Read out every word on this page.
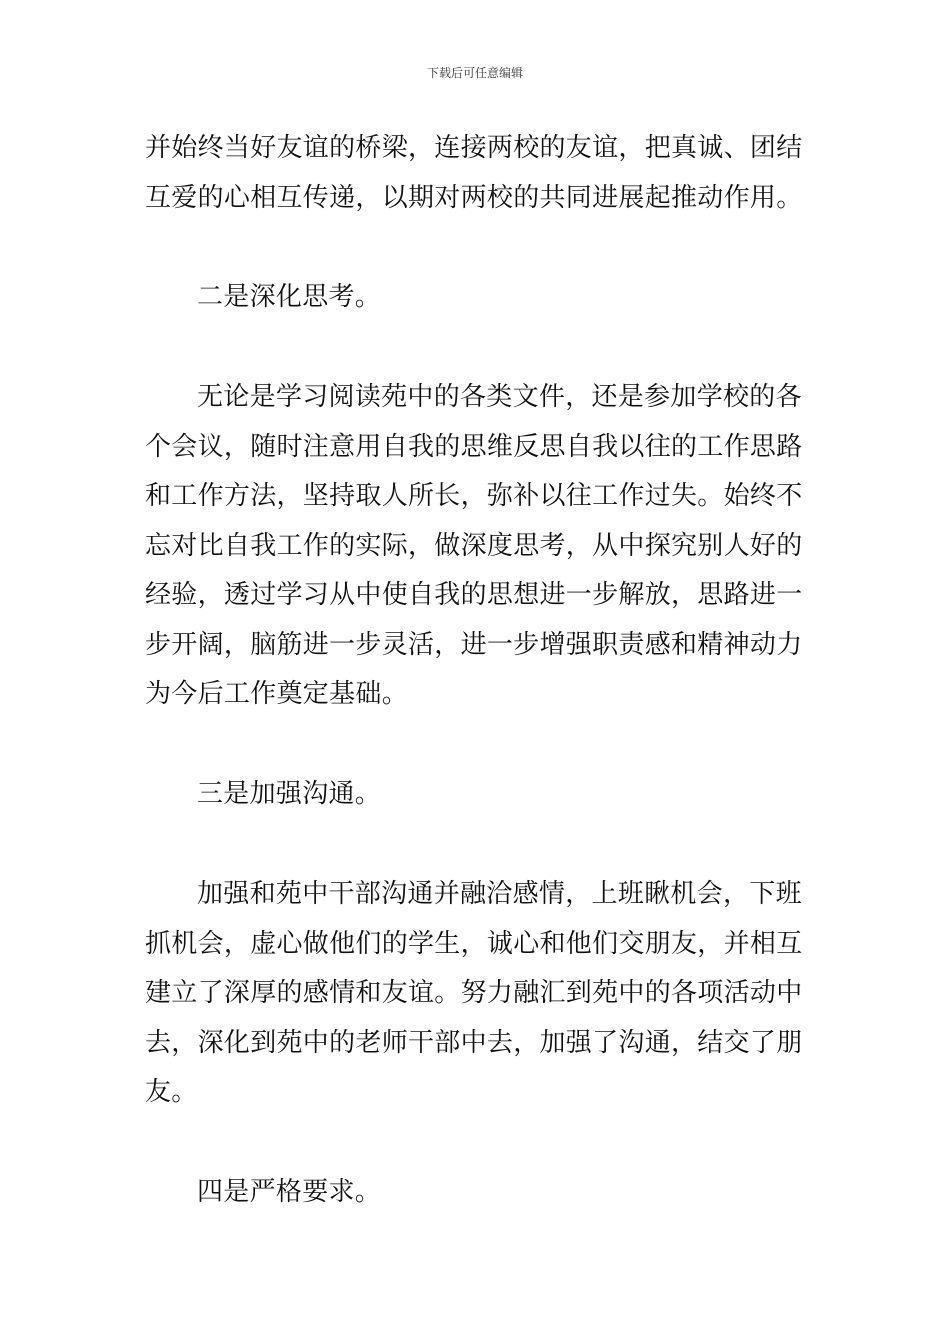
下载后可任意编辑
并始终当好友谊的桥梁，连接两校的友谊，把真诚、团结
互爱的心相互传递，以期对两校的共同进展起推动作用。
二是深化思考。
无论是学习阅读苑中的各类文件，还是参加学校的各
个会议，随时注意用自我的思维反思自我以往的工作思路
和工作方法，坚持取人所长，弥补以往工作过失。始终不
忘对比自我工作的实际，做深度思考，从中探究别人好的
经验，透过学习从中使自我的思想进一步解放，思路进一
步开阔，脑筋进一步灵活，进一步增强职责感和精神动力
为今后工作奠定基础。
三是加强沟通。
加强和苑中干部沟通并融洽感情，上班瞅机会，下班
抓机会，虚心做他们的学生，诚心和他们交朋友，并相互
建立了深厚的感情和友谊。努力融汇到苑中的各项活动中
去，深化到苑中的老师干部中去，加强了沟通，结交了朋
友。
四是严格要求。
